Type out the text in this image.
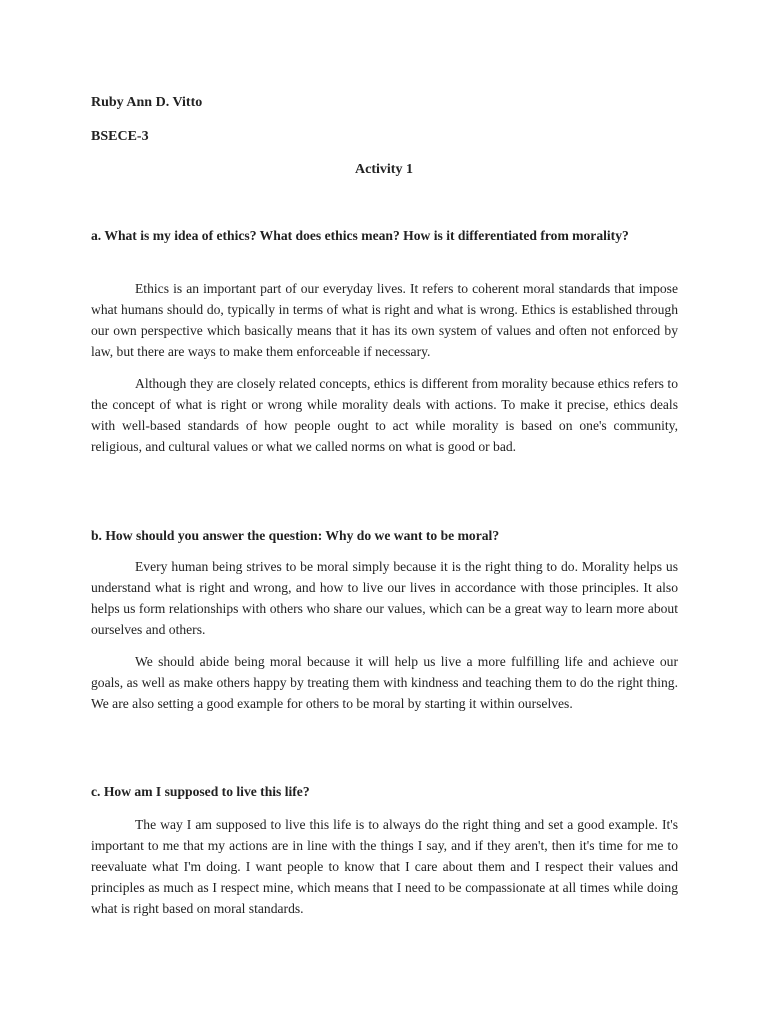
Ruby Ann D. Vitto

BSECE-3

Activity 1

a. What is my idea of ethics? What does ethics mean? How is it differentiated from morality?

Ethics is an important part of our everyday lives. It refers to coherent moral standards that impose what humans should do, typically in terms of what is right and what is wrong. Ethics is established through our own perspective which basically means that it has its own system of values and often not enforced by law, but there are ways to make them enforceable if necessary.

Although they are closely related concepts, ethics is different from morality because ethics refers to the concept of what is right or wrong while morality deals with actions. To make it precise, ethics deals with well-based standards of how people ought to act while morality is based on one's community, religious, and cultural values or what we called norms on what is good or bad.

b. How should you answer the question: Why do we want to be moral?

Every human being strives to be moral simply because it is the right thing to do. Morality helps us understand what is right and wrong, and how to live our lives in accordance with those principles. It also helps us form relationships with others who share our values, which can be a great way to learn more about ourselves and others.

We should abide being moral because it will help us live a more fulfilling life and achieve our goals, as well as make others happy by treating them with kindness and teaching them to do the right thing. We are also setting a good example for others to be moral by starting it within ourselves.

c. How am I supposed to live this life?

The way I am supposed to live this life is to always do the right thing and set a good example. It's important to me that my actions are in line with the things I say, and if they aren't, then it's time for me to reevaluate what I'm doing. I want people to know that I care about them and I respect their values and principles as much as I respect mine, which means that I need to be compassionate at all times while doing what is right based on moral standards.
